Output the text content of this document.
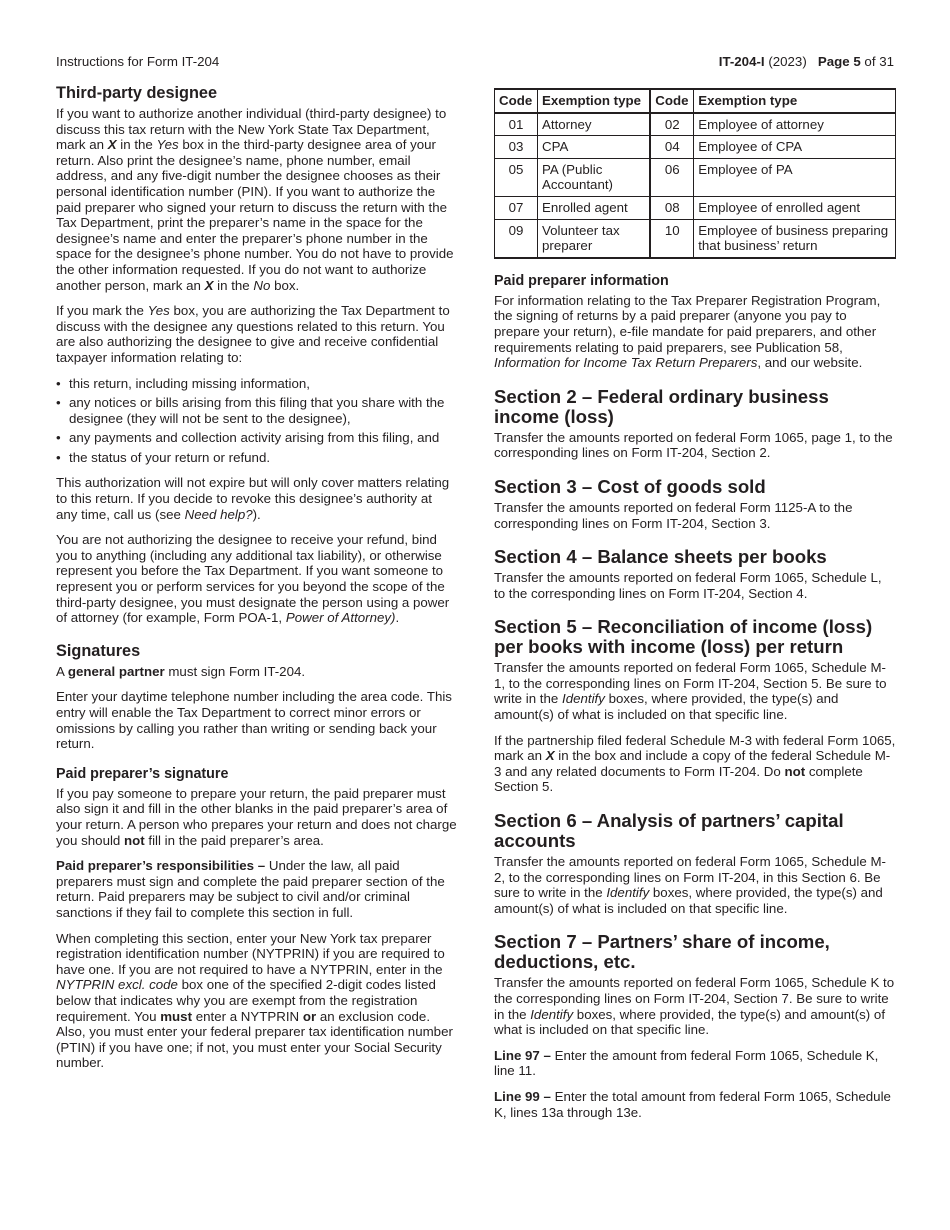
Instructions for Form IT-204	IT-204-I (2023) Page 5 of 31
Third-party designee

If you want to authorize another individual (third-party designee) to discuss this tax return with the New York State Tax Department, mark an X in the Yes box in the third-party designee area of your return. Also print the designee’s name, phone number, email address, and any five-digit number the designee chooses as their personal identification number (PIN). If you want to authorize the paid preparer who signed your return to discuss the return with the Tax Department, print the preparer’s name in the space for the designee’s name and enter the preparer’s phone number in the space for the designee’s phone number. You do not have to provide the other information requested. If you do not want to authorize another person, mark an X in the No box.

If you mark the Yes box, you are authorizing the Tax Department to discuss with the designee any questions related to this return. You are also authorizing the designee to give and receive confidential taxpayer information relating to:

• this return, including missing information,
• any notices or bills arising from this filing that you share with the designee (they will not be sent to the designee),
• any payments and collection activity arising from this filing, and
• the status of your return or refund.

This authorization will not expire but will only cover matters relating to this return. If you decide to revoke this designee’s authority at any time, call us (see Need help?).

You are not authorizing the designee to receive your refund, bind you to anything (including any additional tax liability), or otherwise represent you before the Tax Department. If you want someone to represent you or perform services for you beyond the scope of the third-party designee, you must designate the person using a power of attorney (for example, Form POA-1, Power of Attorney).

Signatures

A general partner must sign Form IT-204.

Enter your daytime telephone number including the area code. This entry will enable the Tax Department to correct minor errors or omissions by calling you rather than writing or sending back your return.

Paid preparer’s signature

If you pay someone to prepare your return, the paid preparer must also sign it and fill in the other blanks in the paid preparer’s area of your return. A person who prepares your return and does not charge you should not fill in the paid preparer’s area.

Paid preparer’s responsibilities – Under the law, all paid preparers must sign and complete the paid preparer section of the return. Paid preparers may be subject to civil and/or criminal sanctions if they fail to complete this section in full.

When completing this section, enter your New York tax preparer registration identification number (NYTPRIN) if you are required to have one. If you are not required to have a NYTPRIN, enter in the NYTPRIN excl. code box one of the specified 2-digit codes listed below that indicates why you are exempt from the registration requirement. You must enter a NYTPRIN or an exclusion code. Also, you must enter your federal preparer tax identification number (PTIN) if you have one; if not, you must enter your Social Security number.

Code	Exemption type	Code	Exemption type
01	Attorney	02	Employee of attorney
03	CPA	04	Employee of CPA
05	PA (Public Accountant)	06	Employee of PA
07	Enrolled agent	08	Employee of enrolled agent
09	Volunteer tax preparer	10	Employee of business preparing that business’ return
Paid preparer information

For information relating to the Tax Preparer Registration Program, the signing of returns by a paid preparer (anyone you pay to prepare your return), e-file mandate for paid preparers, and other requirements relating to paid preparers, see Publication 58, Information for Income Tax Return Preparers, and our website.

Section 2 – Federal ordinary business income (loss)

Transfer the amounts reported on federal Form 1065, page 1, to the corresponding lines on Form IT-204, Section 2.

Section 3 – Cost of goods sold

Transfer the amounts reported on federal Form 1125-A to the corresponding lines on Form IT-204, Section 3.

Section 4 – Balance sheets per books

Transfer the amounts reported on federal Form 1065, Schedule L, to the corresponding lines on Form IT-204, Section 4.

Section 5 – Reconciliation of income (loss) per books with income (loss) per return

Transfer the amounts reported on federal Form 1065, Schedule M-1, to the corresponding lines on Form IT-204, Section 5. Be sure to write in the Identify boxes, where provided, the type(s) and amount(s) of what is included on that specific line.

If the partnership filed federal Schedule M-3 with federal Form 1065, mark an X in the box and include a copy of the federal Schedule M-3 and any related documents to Form IT-204. Do not complete Section 5.

Section 6 – Analysis of partners’ capital accounts

Transfer the amounts reported on federal Form 1065, Schedule M-2, to the corresponding lines on Form IT-204, in this Section 6. Be sure to write in the Identify boxes, where provided, the type(s) and amount(s) of what is included on that specific line.

Section 7 – Partners’ share of income, deductions, etc.

Transfer the amounts reported on federal Form 1065, Schedule K to the corresponding lines on Form IT-204, Section 7. Be sure to write in the Identify boxes, where provided, the type(s) and amount(s) of what is included on that specific line.

Line 97 – Enter the amount from federal Form 1065, Schedule K, line 11.

Line 99 – Enter the total amount from federal Form 1065, Schedule K, lines 13a through 13e.
